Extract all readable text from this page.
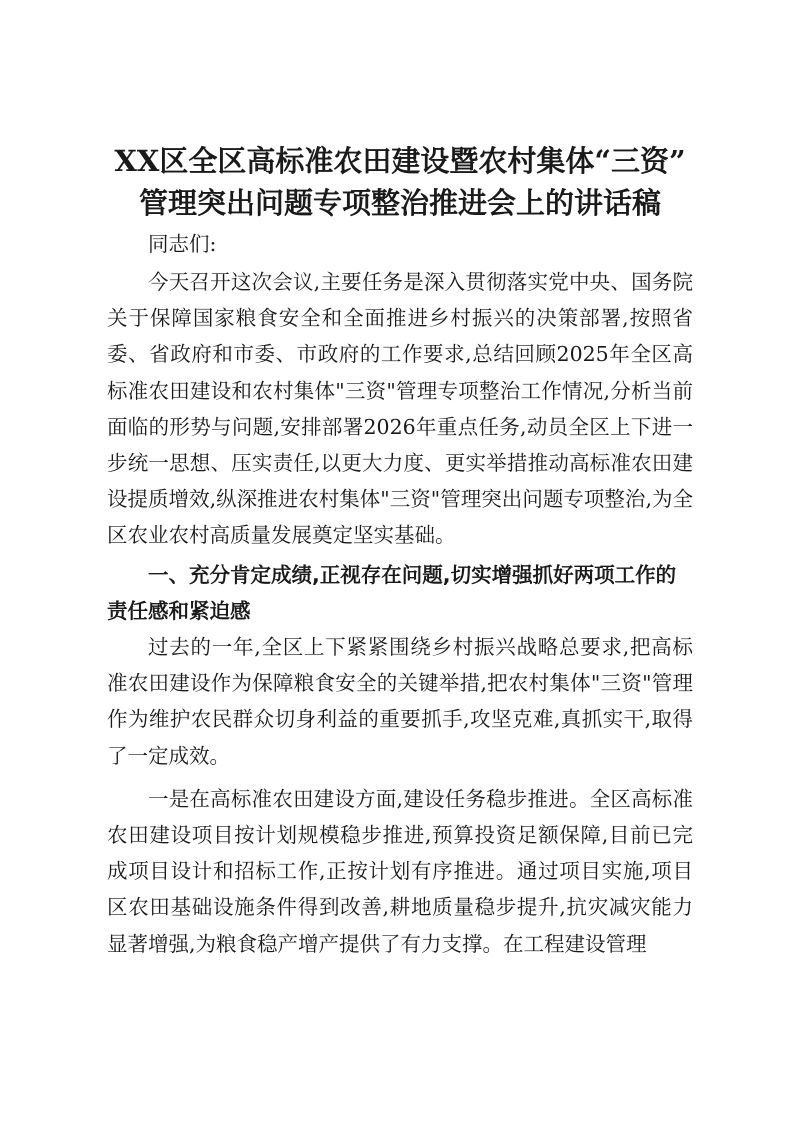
XX区全区高标准农田建设暨农村集体“三资”
管理突出问题专项整治推进会上的讲话稿

同志们:

今天召开这次会议,主要任务是深入贯彻落实党中央、国务院关于保障国家粮食安全和全面推进乡村振兴的决策部署,按照省委、省政府和市委、市政府的工作要求,总结回顾2025年全区高标准农田建设和农村集体"三资"管理专项整治工作情况,分析当前面临的形势与问题,安排部署2026年重点任务,动员全区上下进一步统一思想、压实责任,以更大力度、更实举措推动高标准农田建设提质增效,纵深推进农村集体"三资"管理突出问题专项整治,为全区农业农村高质量发展奠定坚实基础。

一、充分肯定成绩,正视存在问题,切实增强抓好两项工作的责任感和紧迫感

过去的一年,全区上下紧紧围绕乡村振兴战略总要求,把高标准农田建设作为保障粮食安全的关键举措,把农村集体"三资"管理作为维护农民群众切身利益的重要抓手,攻坚克难,真抓实干,取得了一定成效。

一是在高标准农田建设方面,建设任务稳步推进。全区高标准农田建设项目按计划规模稳步推进,预算投资足额保障,目前已完成项目设计和招标工作,正按计划有序推进。通过项目实施,项目区农田基础设施条件得到改善,耕地质量稳步提升,抗灾减灾能力显著增强,为粮食稳产增产提供了有力支撑。在工程建设管理
